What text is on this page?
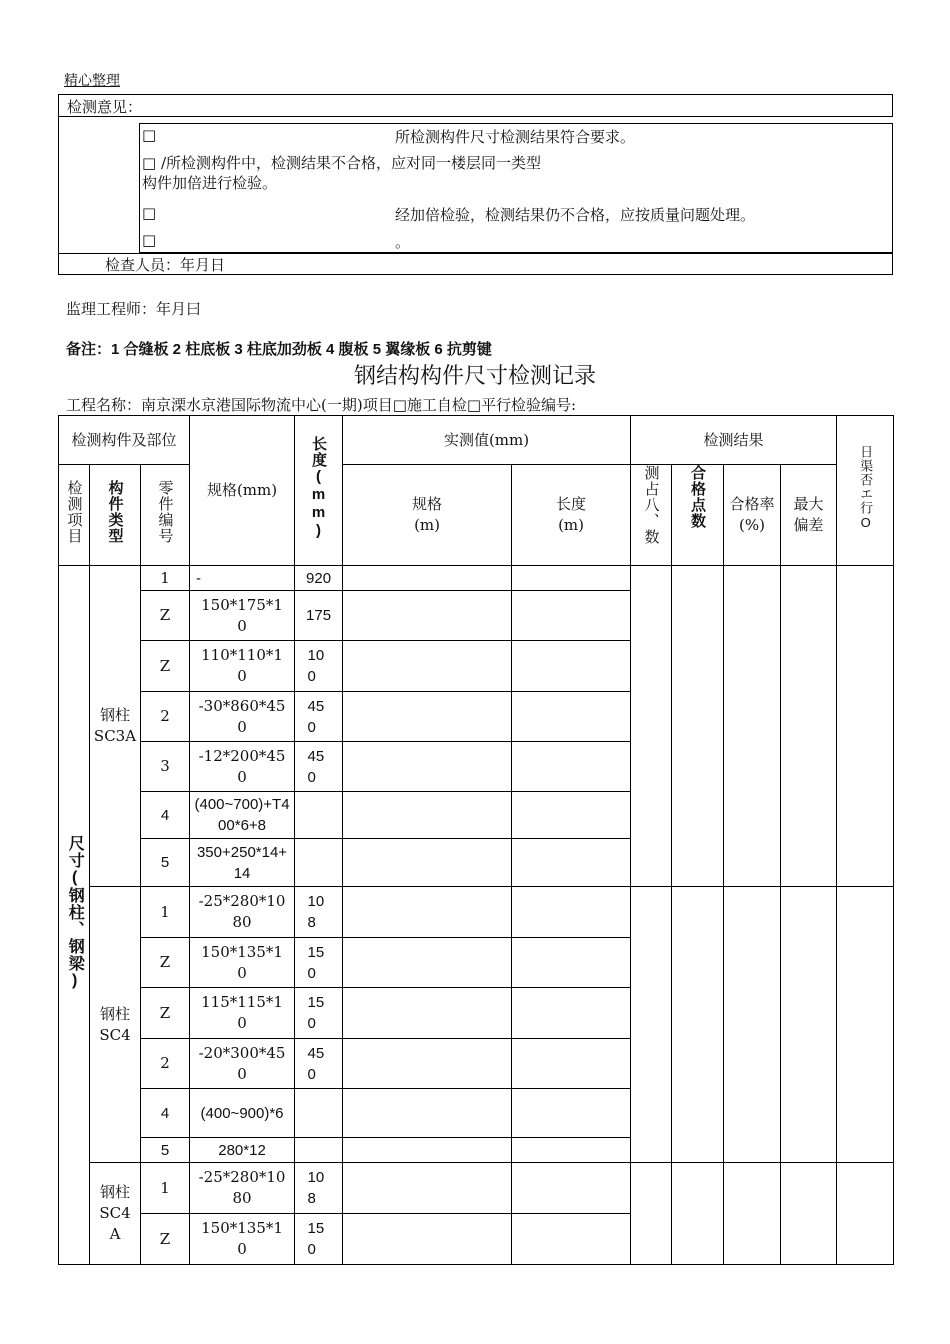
精心整理
检测意见：
□	所检测构件尺寸检测结果符合要求。
□ /所检测构件中，检测结果不合格，应对同一楼层同一类型
构件加倍进行检验。
□	经加倍检验，检测结果仍不合格，应按质量问题处理。
□	。
检查人员：年月日
监理工程师：年月曰
备注：1 合缝板 2 柱底板 3 柱底加劲板 4 腹板 5 翼缘板 6 抗剪键
钢结构构件尺寸检测记录
工程名称：南京溧水京港国际物流中心(一期)项目□施工自检□平行检验编号:
检测构件及部位			规格(mm)	长度(mm)	实测值(mm)		检测结果				日渠否エ行O
检测项目	构件类型	零件编号			规格
(m)	长度
(m)	测占八、数	合格点数	合格率
(%)	最大偏差	
尺寸(钢柱、钢梁)	钢柱SC3A	1	-	920							
		Z	150*175*10	175							
		Z	110*110*10	100							
		2	-30*860*450	450							
		3	-12*200*450	450							
		4	(400~700)+T400*6+8								
		5	350+250*14+14								
	钢柱SC4	1	-25*280*1080	108							
		Z	150*135*10	150							
		Z	115*115*10	150							
		2	-20*300*450	450							
		4	(400~900)*6								
		5	280*12								
	钢柱SC4A	1	-25*280*1080	108							
		Z	150*135*10	150							
